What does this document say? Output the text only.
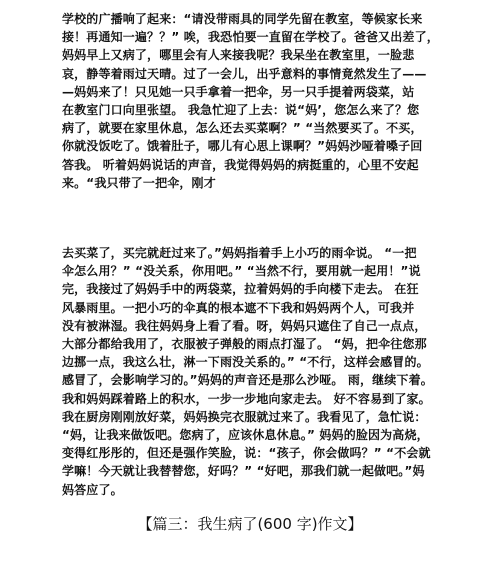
学校的广播响了起来：“请没带雨具的同学先留在教室，等候家长来
接！再通知一遍？？” 唉，我恐怕要一直留在学校了。爸爸又出差了，
妈妈早上又病了，哪里会有人来接我呢？我呆坐在教室里，一脸悲
哀，静等着雨过天晴。过了一会儿，出乎意料的事情竟然发生了——
—妈妈来了！只见她一只手拿着一把伞，另一只手提着两袋菜，站
在教室门口向里张望。 我急忙迎了上去：说“妈’，您怎么来了？您
病了，就要在家里休息，怎么还去买菜啊？” “当然要买了。不买，
你就没饭吃了。饿着肚子，哪儿有心思上课啊？”妈妈沙哑着嗓子回
答我。 听着妈妈说话的声音，我觉得妈妈的病挺重的，心里不安起
来。“我只带了一把伞，刚才
去买菜了，买完就赶过来了。”妈妈指着手上小巧的雨伞说。 “一把
伞怎么用？” “没关系，你用吧。” “当然不行，要用就一起用！”说
完，我接过了妈妈手中的两袋菜，拉着妈妈的手向楼下走去。 在狂
风暴雨里。一把小巧的伞真的根本遮不下我和妈妈两个人，可我并
没有被淋湿。我往妈妈身上看了看。呀，妈妈只遮住了自己一点点，
大部分都给我用了，衣服被子弹般的雨点打湿了。 “妈，把伞往您那
边挪一点，我这么壮，淋一下雨没关系的。” “不行，这样会感冒的。
感冒了，会影响学习的。”妈妈的声音还是那么沙哑。 雨，继续下着。
我和妈妈踩着路上的积水，一步一步地向家走去。 好不容易到了家。
我在厨房刚刚放好菜，妈妈换完衣服就过来了。我看见了，急忙说：
“妈，让我来做饭吧。您病了，应该休息休息。” 妈妈的脸因为高烧，
变得红彤彤的，但还是强作笑脸，说：“孩子，你会做吗？” “不会就
学嘛！今天就让我替替您，好吗？” “好吧，那我们就一起做吧。”妈
妈答应了。
【篇三：我生病了(600 字)作文】
